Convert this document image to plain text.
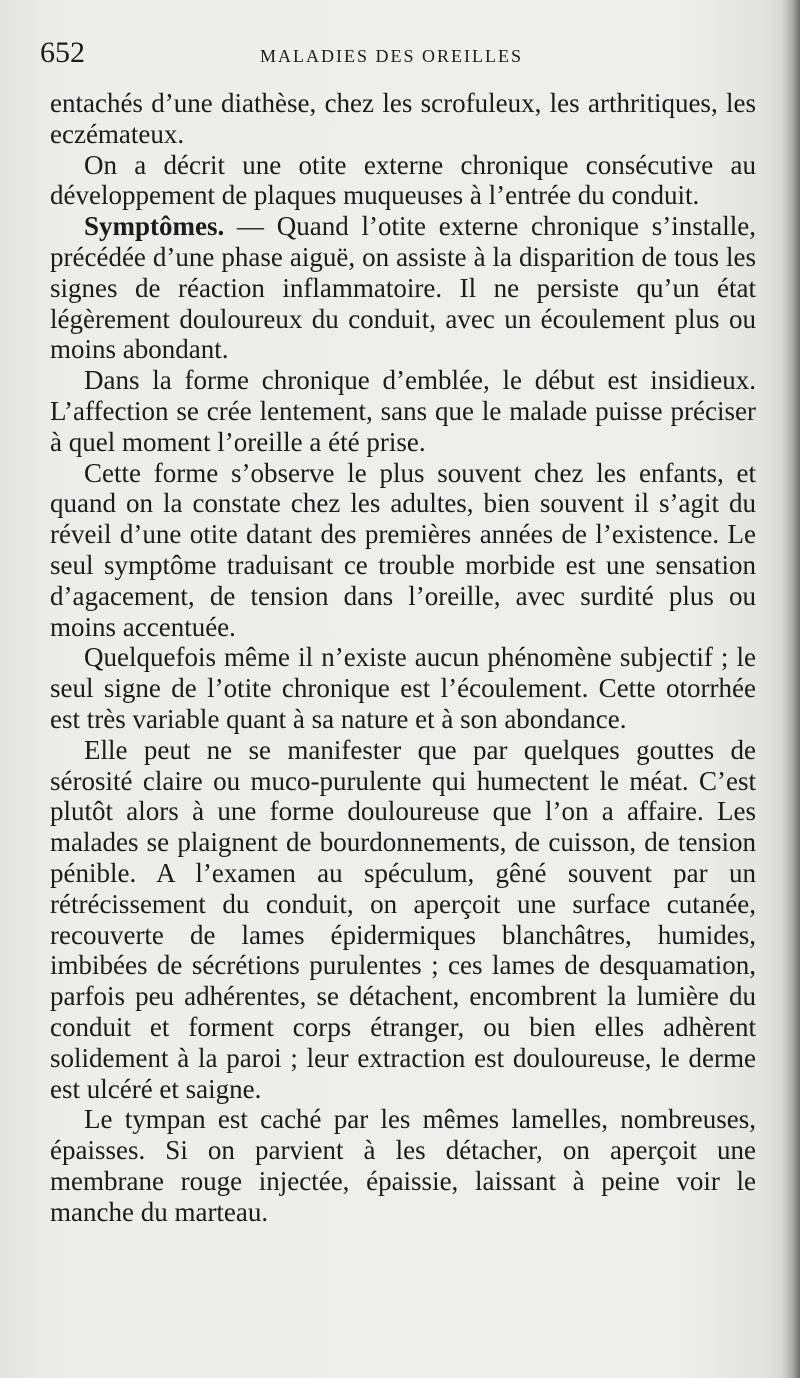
652	MALADIES DES OREILLES

entachés d’une diathèse, chez les scrofuleux, les arthritiques, les eczémateux.

On a décrit une otite externe chronique consécutive au développement de plaques muqueuses à l’entrée du conduit.

Symptômes. — Quand l’otite externe chronique s’installe, précédée d’une phase aiguë, on assiste à la disparition de tous les signes de réaction inflammatoire. Il ne persiste qu’un état légèrement douloureux du conduit, avec un écoulement plus ou moins abondant.

Dans la forme chronique d’emblée, le début est insidieux. L’affection se crée lentement, sans que le malade puisse préciser à quel moment l’oreille a été prise.

Cette forme s’observe le plus souvent chez les enfants, et quand on la constate chez les adultes, bien souvent il s’agit du réveil d’une otite datant des premières années de l’existence. Le seul symptôme traduisant ce trouble morbide est une sensation d’agacement, de tension dans l’oreille, avec surdité plus ou moins accentuée.

Quelquefois même il n’existe aucun phénomène subjectif ; le seul signe de l’otite chronique est l’écoulement. Cette otorrhée est très variable quant à sa nature et à son abondance.

Elle peut ne se manifester que par quelques gouttes de sérosité claire ou muco-purulente qui humectent le méat. C’est plutôt alors à une forme douloureuse que l’on a affaire. Les malades se plaignent de bourdonnements, de cuisson, de tension pénible. A l’examen au spéculum, gêné souvent par un rétrécissement du conduit, on aperçoit une surface cutanée, recouverte de lames épidermiques blanchâtres, humides, imbibées de sécrétions purulentes ; ces lames de desquamation, parfois peu adhérentes, se détachent, encombrent la lumière du conduit et forment corps étranger, ou bien elles adhèrent solidement à la paroi ; leur extraction est douloureuse, le derme est ulcéré et saigne.

Le tympan est caché par les mêmes lamelles, nombreuses, épaisses. Si on parvient à les détacher, on aperçoit une membrane rouge injectée, épaissie, laissant à peine voir le manche du marteau.
